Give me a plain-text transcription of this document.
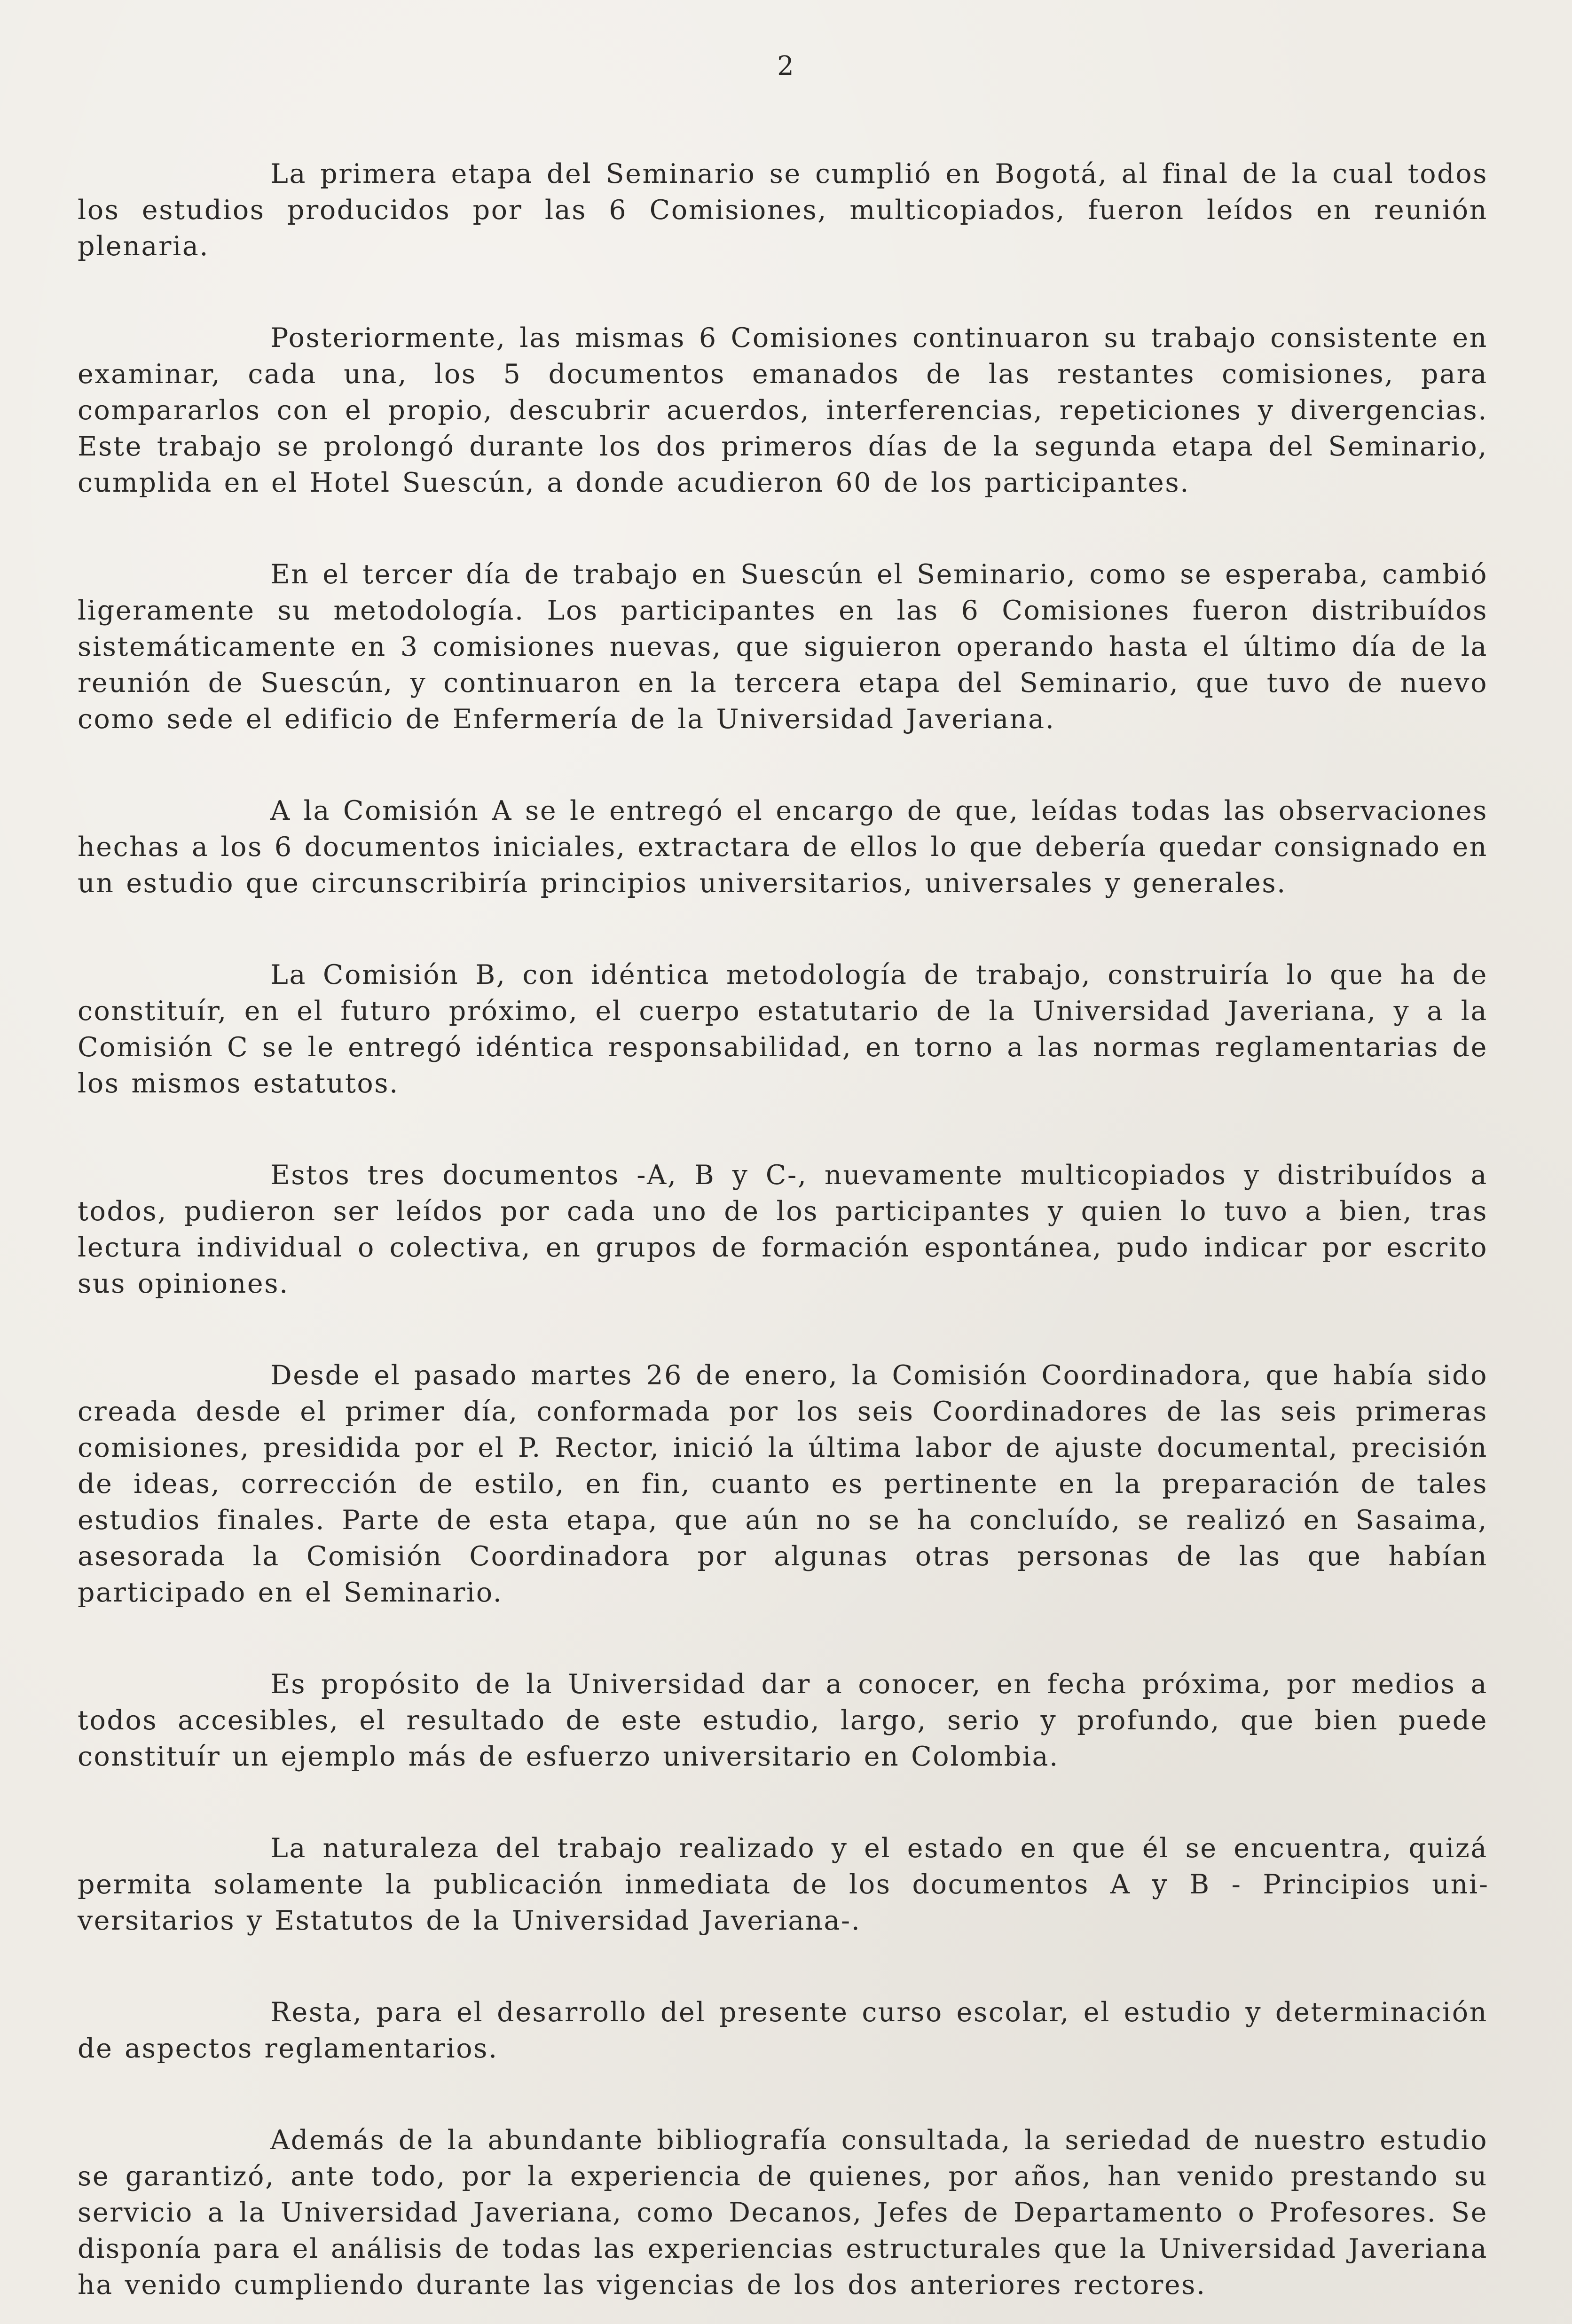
2

La primera etapa del Seminario se cumplió en Bogotá, al final de la cual todos los estudios producidos por las 6 Comisiones, multicopiados, fueron leídos en reunión plenaria.

Posteriormente, las mismas 6 Comisiones continuaron su trabajo consistente en examinar, cada una, los 5 documentos emanados de las restantes comisiones, para compararlos con el propio, descubrir acuerdos, interferencias, repeticiones y divergencias. Este trabajo se prolongó durante los dos primeros días de la segunda etapa del Seminario, cumplida en el Hotel Suescún, a donde acudieron 60 de los participantes.

En el tercer día de trabajo en Suescún el Seminario, como se esperaba, cambió ligeramente su metodología. Los participantes en las 6 Comisiones fueron distribuídos sistemáticamente en 3 comisiones nuevas, que siguieron operando hasta el último día de la reunión de Suescún, y continuaron en la tercera etapa del Seminario, que tuvo de nuevo como sede el edificio de Enfermería de la Universidad Javeriana.

A la Comisión A se le entregó el encargo de que, leídas todas las observaciones hechas a los 6 documentos iniciales, extractara de ellos lo que debería quedar consignado en un estudio que circunscribiría principios universitarios, universales y generales.

La Comisión B, con idéntica metodología de trabajo, construiría lo que ha de constituír, en el futuro próximo, el cuerpo estatutario de la Universidad Javeriana, y a la Comisión C se le entregó idéntica responsabilidad, en torno a las normas reglamentarias de los mismos estatutos.

Estos tres documentos -A, B y C-, nuevamente multicopiados y distribuídos a todos, pudieron ser leídos por cada uno de los participantes y quien lo tuvo a bien, tras lectura individual o colectiva, en grupos de formación espontánea, pudo indicar por escrito sus opiniones.

Desde el pasado martes 26 de enero, la Comisión Coordinadora, que había sido creada desde el primer día, conformada por los seis Coordinadores de las seis primeras comisiones, presidida por el P. Rector, inició la última labor de ajuste documental, precisión de ideas, corrección de estilo, en fin, cuanto es pertinente en la preparación de tales estudios finales. Parte de esta etapa, que aún no se ha concluído, se realizó en Sasaima, asesorada la Comisión Coordinadora por algunas otras personas de las que habían participado en el Seminario.

Es propósito de la Universidad dar a conocer, en fecha próxima, por medios a todos accesibles, el resultado de este estudio, largo, serio y profundo, que bien puede constituír un ejemplo más de esfuerzo universitario en Colombia.

La naturaleza del trabajo realizado y el estado en que él se encuentra, quizá permita solamente la publicación inmediata de los documentos A y B - Principios universitarios y Estatutos de la Universidad Javeriana-.

Resta, para el desarrollo del presente curso escolar, el estudio y determinación de aspectos reglamentarios.

Además de la abundante bibliografía consultada, la seriedad de nuestro estudio se garantizó, ante todo, por la experiencia de quienes, por años, han venido prestando su servicio a la Universidad Javeriana, como Decanos, Jefes de Departamento o Profesores. Se disponía para el análisis de todas las experiencias estructurales que la Universidad Javeriana ha venido cumpliendo durante las vigencias de los dos anteriores rectores.
